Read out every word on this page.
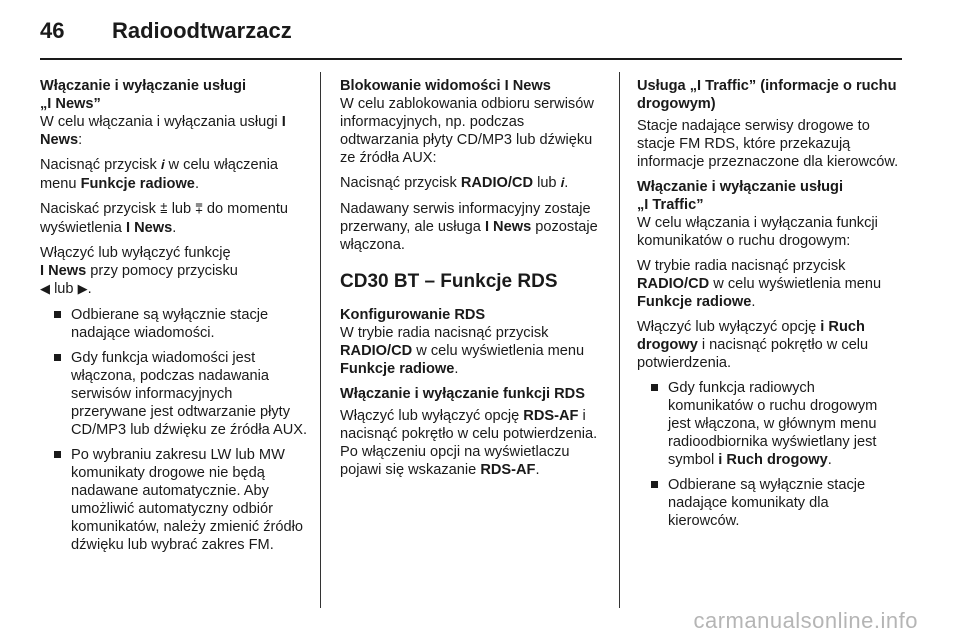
46 Radioodtwarzacz

Włączanie i wyłączanie usługi

„I News”

W celu włączania i wyłączania usługi I News:

Nacisnąć przycisk 𝒊 w celu włączenia menu Funkcje radiowe.

Naciskać przycisk ⩲ lub ⩱ do momentu wyświetlenia I News.

Włączyć lub wyłączyć funkcję
I News przy pomocy przycisku
◀ lub ▶.

Odbierane są wyłącznie stacje nadające wiadomości.
Gdy funkcja wiadomości jest włączona, podczas nadawania serwisów informacyjnych przerywane jest odtwarzanie płyty CD/MP3 lub dźwięku ze źródła AUX.
Po wybraniu zakresu LW lub MW komunikaty drogowe nie będą nadawane automatycznie. Aby umożliwić automatyczny odbiór komunikatów, należy zmienić źródło dźwięku lub wybrać zakres FM.

Blokowanie widomości I News

W celu zablokowania odbioru serwisów informacyjnych, np. podczas odtwarzania płyty CD/MP3 lub dźwięku ze źródła AUX:

Nacisnąć przycisk RADIO/CD lub 𝒊.

Nadawany serwis informacyjny zostaje przerwany, ale usługa I News pozostaje włączona.

CD30 BT – Funkcje RDS

Konfigurowanie RDS

W trybie radia nacisnąć przycisk RADIO/CD w celu wyświetlenia menu Funkcje radiowe.

Włączanie i wyłączanie funkcji RDS

Włączyć lub wyłączyć opcję RDS-AF i nacisnąć pokrętło w celu potwierdzenia. Po włączeniu opcji na wyświetlaczu pojawi się wskazanie RDS-AF.

Usługa „I Traffic” (informacje o ruchu drogowym)

Stacje nadające serwisy drogowe to stacje FM RDS, które przekazują informacje przeznaczone dla kierowców.

Włączanie i wyłączanie usługi

„I Traffic”

W celu włączania i wyłączania funkcji komunikatów o ruchu drogowym:

W trybie radia nacisnąć przycisk RADIO/CD w celu wyświetlenia menu Funkcje radiowe.

Włączyć lub wyłączyć opcję i Ruch drogowy i nacisnąć pokrętło w celu potwierdzenia.

Gdy funkcja radiowych komunikatów o ruchu drogowym jest włączona, w głównym menu radioodbiornika wyświetlany jest symbol i Ruch drogowy.
Odbierane są wyłącznie stacje nadające komunikaty dla kierowców.
carmanualsonline.info
